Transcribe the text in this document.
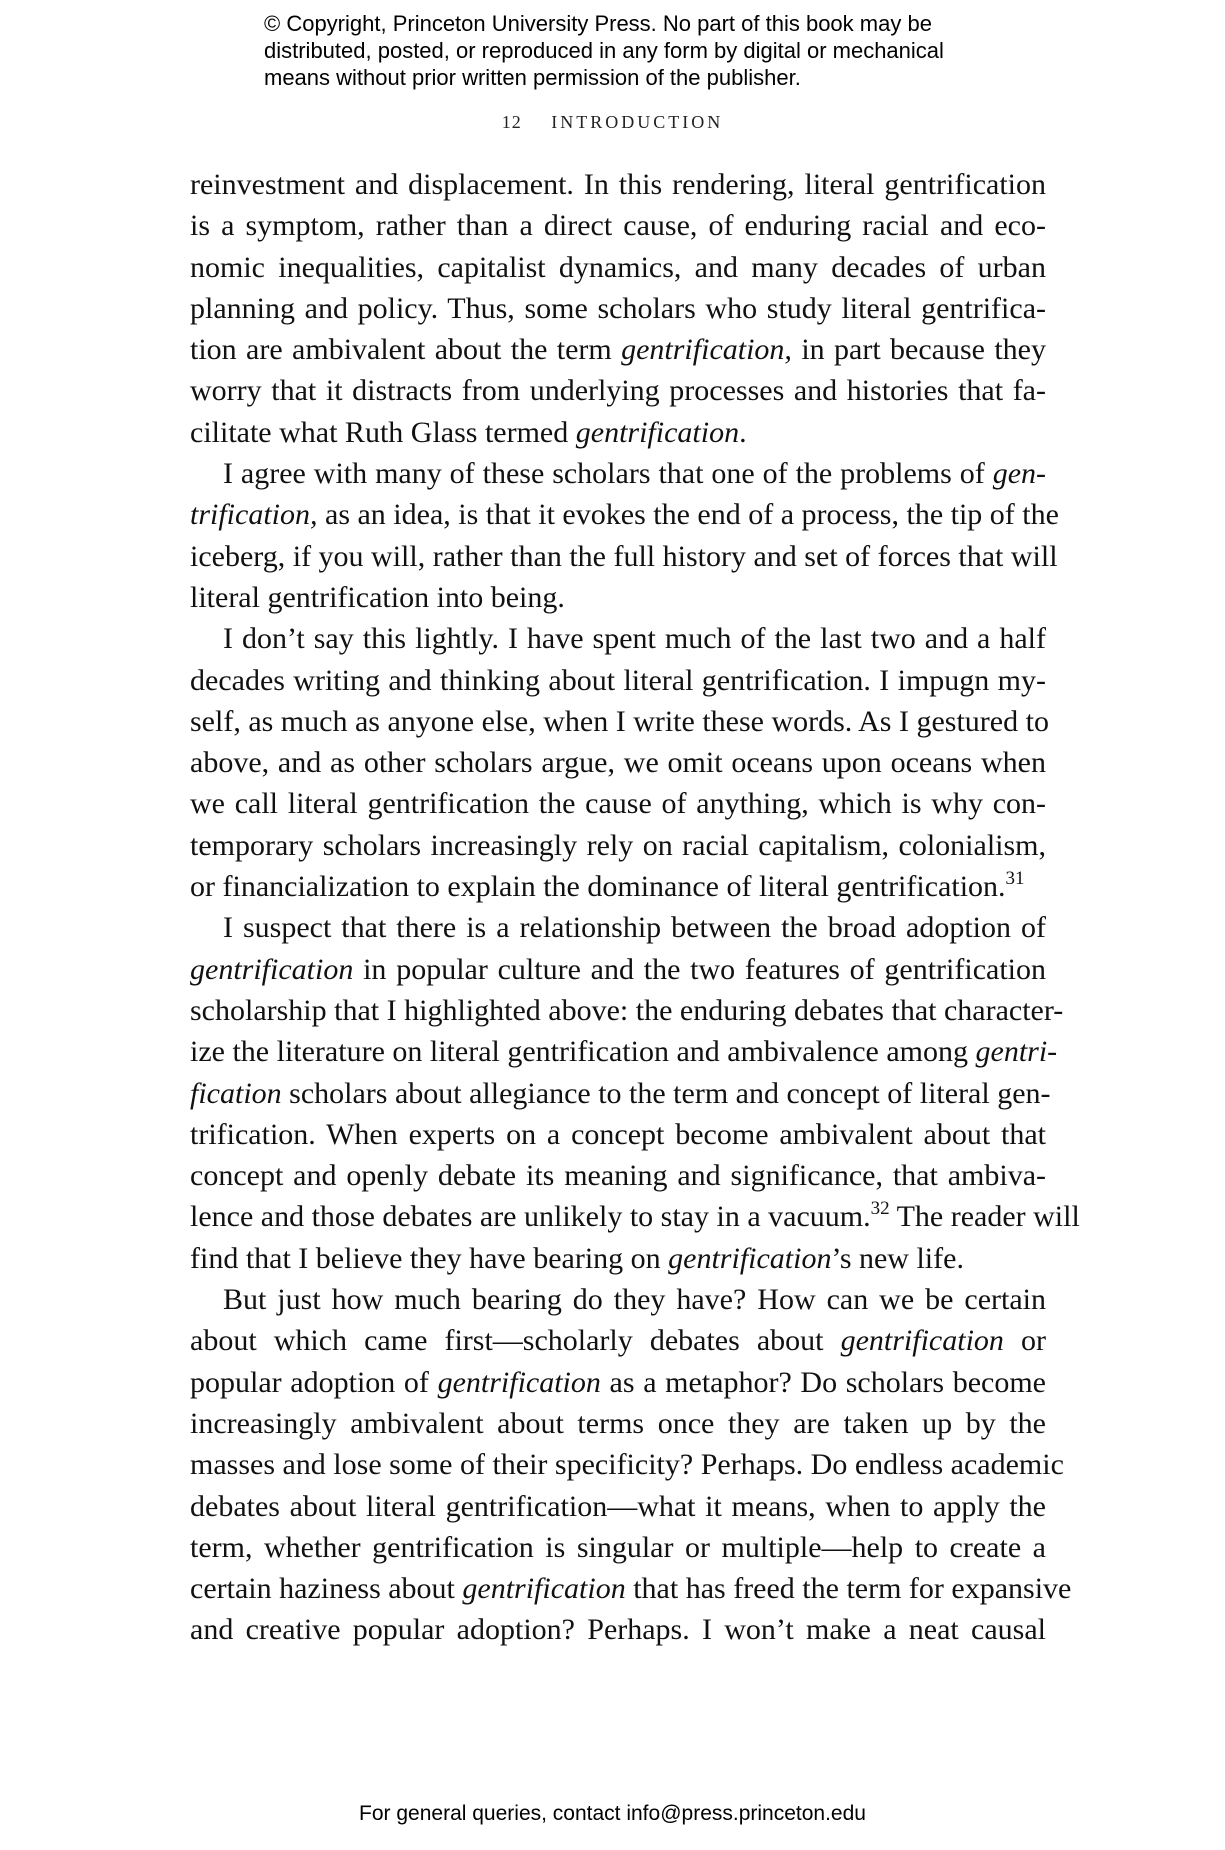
© Copyright, Princeton University Press. No part of this book may be
distributed, posted, or reproduced in any form by digital or mechanical
means without prior written permission of the publisher.
12 INTRODUCTION
reinvestment and displacement. In this rendering, literal gentrification
is a symptom, rather than a direct cause, of enduring racial and eco-
nomic inequalities, capitalist dynamics, and many decades of urban
planning and policy. Thus, some scholars who study literal gentrifica-
tion are ambivalent about the term gentrification, in part because they
worry that it distracts from underlying processes and histories that fa-
cilitate what Ruth Glass termed gentrification.
I agree with many of these scholars that one of the problems of gen-
trification, as an idea, is that it evokes the end of a process, the tip of the
iceberg, if you will, rather than the full history and set of forces that will
literal gentrification into being.
I don’t say this lightly. I have spent much of the last two and a half
decades writing and thinking about literal gentrification. I impugn my-
self, as much as anyone else, when I write these words. As I gestured to
above, and as other scholars argue, we omit oceans upon oceans when
we call literal gentrification the cause of anything, which is why con-
temporary scholars increasingly rely on racial capitalism, colonialism,
or financialization to explain the dominance of literal gentrification.$^{31}$
I suspect that there is a relationship between the broad adoption of
gentrification in popular culture and the two features of gentrification
scholarship that I highlighted above: the enduring debates that character-
ize the literature on literal gentrification and ambivalence among gentri-
fication scholars about allegiance to the term and concept of literal gen-
trification. When experts on a concept become ambivalent about that
concept and openly debate its meaning and significance, that ambiva-
lence and those debates are unlikely to stay in a vacuum.$^{32}$ The reader will
find that I believe they have bearing on gentrification’s new life.
But just how much bearing do they have? How can we be certain
about which came first—scholarly debates about gentrification or
popular adoption of gentrification as a metaphor? Do scholars become
increasingly ambivalent about terms once they are taken up by the
masses and lose some of their specificity? Perhaps. Do endless academic
debates about literal gentrification—what it means, when to apply the
term, whether gentrification is singular or multiple—help to create a
certain haziness about gentrification that has freed the term for expansive
and creative popular adoption? Perhaps. I won’t make a neat causal
For general queries, contact info@press.princeton.edu
